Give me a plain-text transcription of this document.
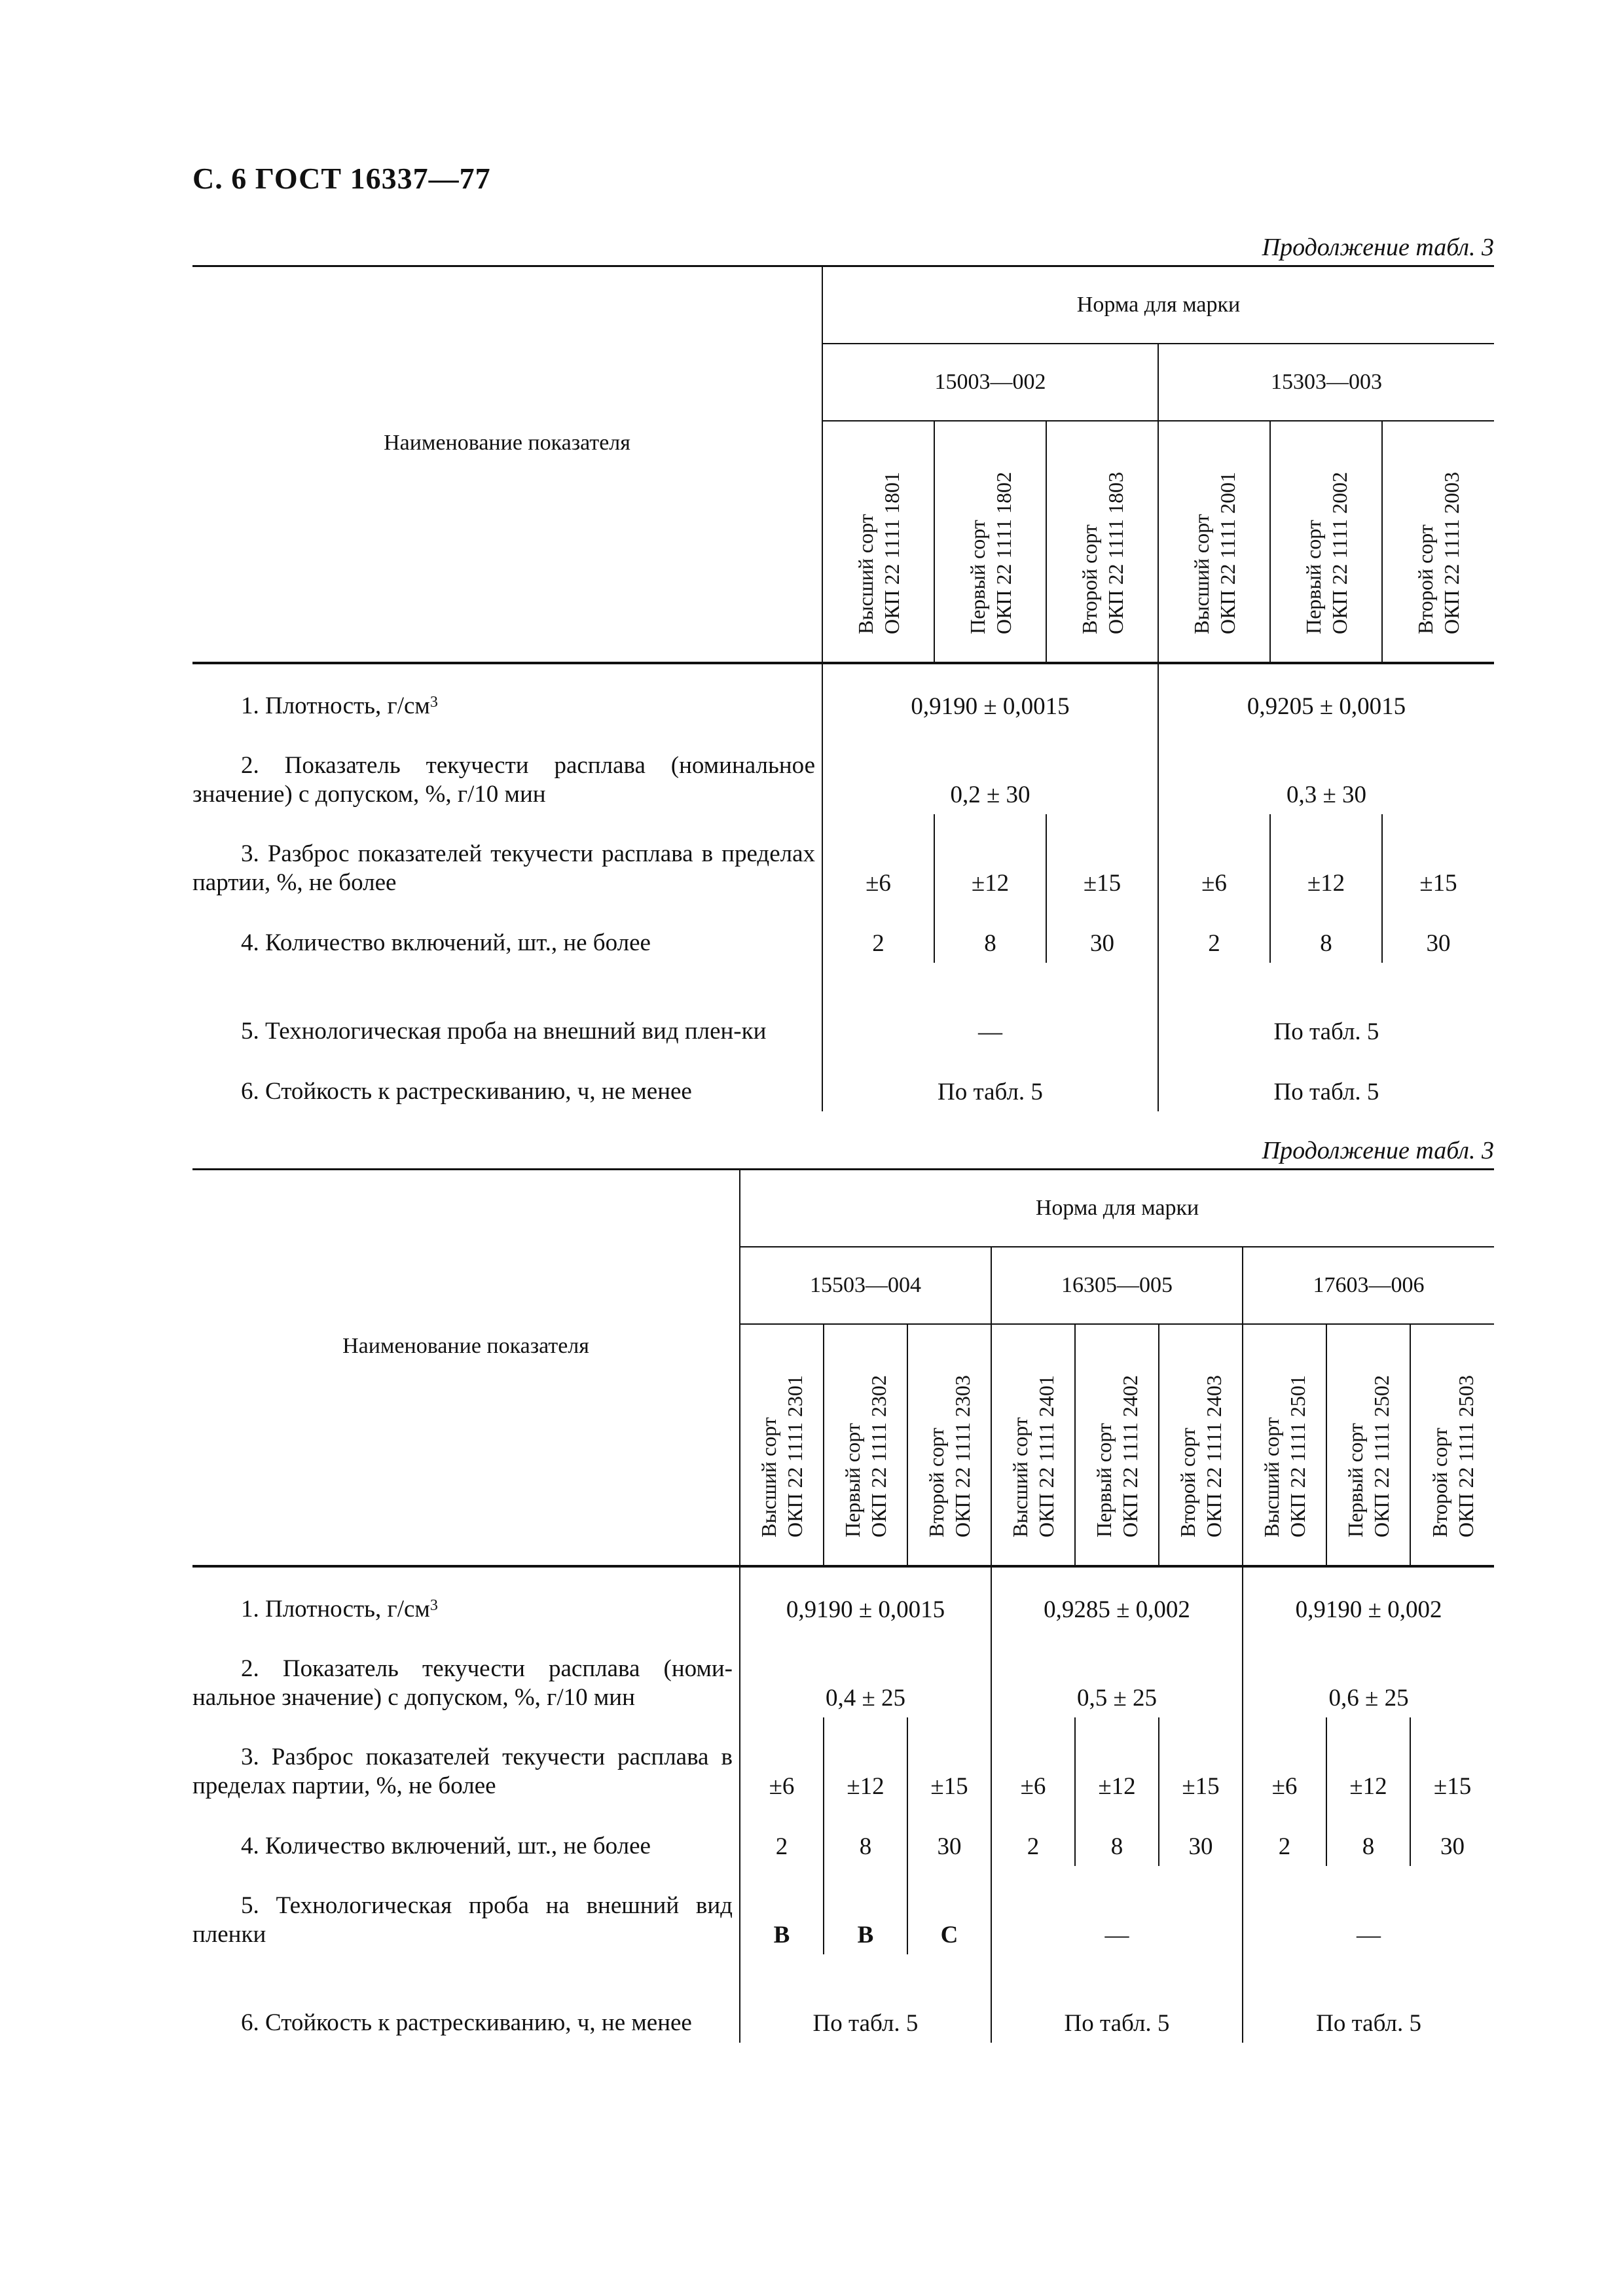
С. 6 ГОСТ 16337—77
Продолжение табл. 3
Наименование показателя	Норма для марки					
	15003—002			15303—003		

	Высший сорт ОКП 22 1111 1801	Первый сорт ОКП 22 1111 1802	Второй сорт ОКП 22 1111 1803	Высший сорт ОКП 22 1111 2001	Первый сорт ОКП 22 1111 2002	Второй сорт ОКП 22 1111 2003

1. Плотность, $г/см^3$	0,9190 ± 0,0015			0,9205 ± 0,0015		
2. Показатель текучести расплава (номинальное значение) с допуском, %, г/10 мин	0,2 ± 30			0,3 ± 30		
3. Разброс показателей текучести расплава в пределах партии, %, не более	±6	±12	±15	±6	±12	±15
4. Количество включений, шт., не более	2	8	30	2	8	30
5. Технологическая проба на внешний вид плен-ки	—			По табл. 5		
6. Стойкость к растрескиванию, ч, не менее	По табл. 5			По табл. 5		
Продолжение табл. 3
Наименование показателя	Норма для марки								
	15503—004			16305—005			17603—006		

	Высший сорт ОКП 22 1111 2301	Первый сорт ОКП 22 1111 2302	Второй сорт ОКП 22 1111 2303	Высший сорт ОКП 22 1111 2401	Первый сорт ОКП 22 1111 2402	Второй сорт ОКП 22 1111 2403	Высший сорт ОКП 22 1111 2501	Первый сорт ОКП 22 1111 2502	Второй сорт ОКП 22 1111 2503

1. Плотность, $г/см^3$	0,9190 ± 0,0015			0,9285 ± 0,002			0,9190 ± 0,002		
2. Показатель текучести расплава (номи-нальное значение) с допуском, %, г/10 мин	0,4 ± 25			0,5 ± 25			0,6 ± 25		
3. Разброс показателей текучести расплава в пределах партии, %, не более	±6	±12	±15	±6	±12	±15	±6	±12	±15
4. Количество включений, шт., не более	2	8	30	2	8	30	2	8	30
5. Технологическая проба на внешний вид пленки	В	В	С	—			—		
6. Стойкость к растрескиванию, ч, не менее	По табл. 5			По табл. 5			По табл. 5		
